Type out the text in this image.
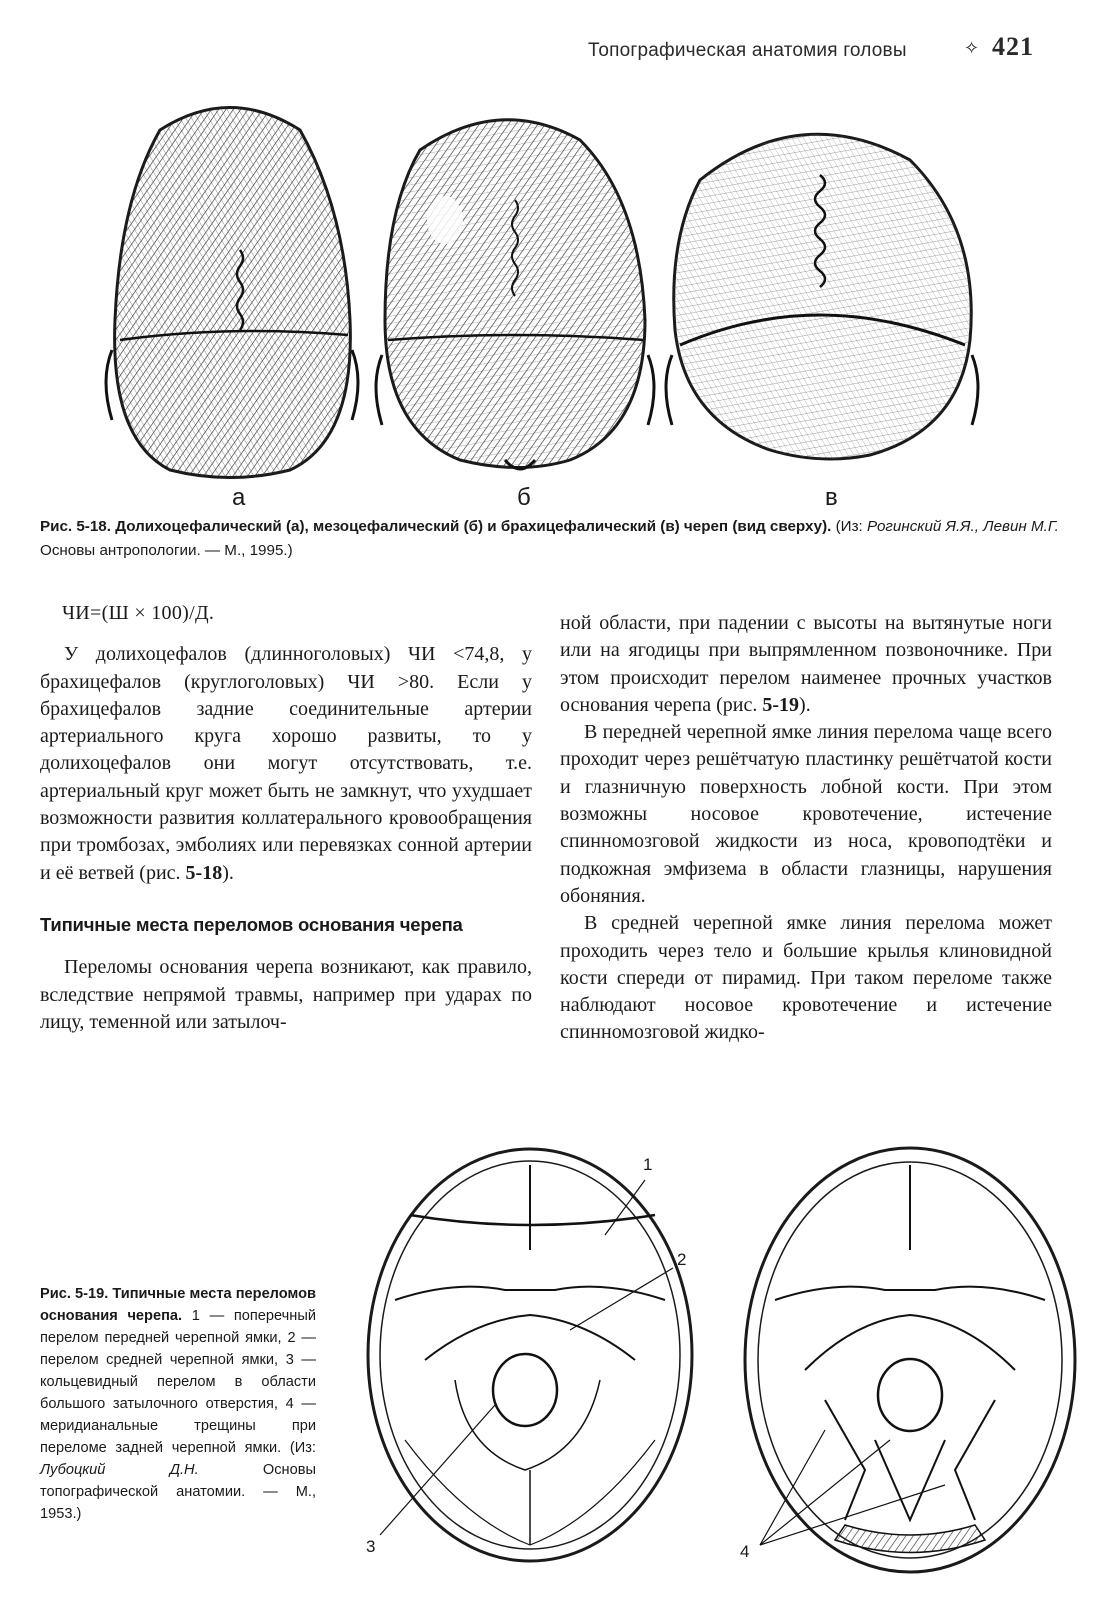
Топографическая анатомия головы	✧ 421
а	б	в
Рис. 5-18. Долихоцефалический (а), мезоцефалический (б) и брахицефалический (в) череп (вид сверху). (Из: Рогинский Я.Я., Левин М.Г. Основы антропологии. — М., 1995.)

ЧИ=(Ш × 100)/Д.

У долихоцефалов (длинноголовых) ЧИ <74,8, у брахицефалов (круглоголовых) ЧИ >80. Если у брахицефалов задние соединительные артерии артериального круга хорошо развиты, то у долихоцефалов они могут отсутствовать, т.е. артериальный круг может быть не замкнут, что ухудшает возможности развития коллатерального кровообращения при тромбозах, эмболиях или перевязках сонной артерии и её ветвей (рис. 5-18).

Типичные места переломов основания черепа

Переломы основания черепа возникают, как правило, вследствие непрямой травмы, например при ударах по лицу, теменной или затылоч-

ной области, при падении с высоты на вытянутые ноги или на ягодицы при выпрямленном позвоночнике. При этом происходит перелом наименее прочных участков основания черепа (рис. 5-19).

В передней черепной ямке линия перелома чаще всего проходит через решётчатую пластинку решётчатой кости и глазничную поверхность лобной кости. При этом возможны носовое кровотечение, истечение спинномозговой жидкости из носа, кровоподтёки и подкожная эмфизема в области глазницы, нарушения обоняния.

В средней черепной ямке линия перелома может проходить через тело и большие крылья клиновидной кости спереди от пирамид. При таком переломе также наблюдают носовое кровотечение и истечение спинномозговой жидко-

Рис. 5-19. Типичные места переломов основания черепа. 1 — поперечный перелом передней черепной ямки, 2 — перелом средней черепной ямки, 3 — кольцевидный перелом в области большого затылочного отверстия, 4 — меридианальные трещины при переломе задней черепной ямки. (Из: Лубоцкий Д.Н.	Основы топографической анатомии. — М., 1953.)
1
2
3	4
